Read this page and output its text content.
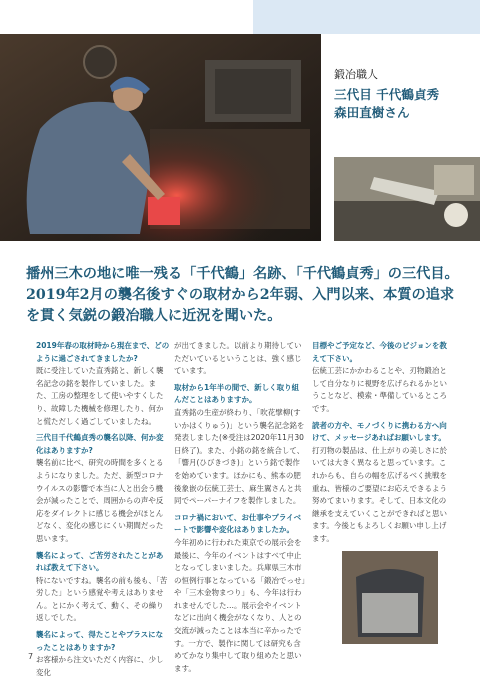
鍛冶職人

三代目 千代鶴貞秀
森田直樹さん
播州三木の地に唯一残る「千代鶴」名跡、「千代鶴貞秀」の三代目。2019年2月の襲名後すぐの取材から2年弱、入門以来、本質の追求を貫く気鋭の鍛冶職人に近況を聞いた。

2019年春の取材時から現在まで、どのように過ごされてきましたか?

既に受注していた直秀銘と、新しく襲名記念の銘を製作していました。また、工房の整理をして使いやすくしたり、故障した機械を修理したり、何かと慌ただしく過ごしていましたね。

三代目千代鶴貞秀の襲名以降、何か変化はありますか?

襲名前に比べ、研究の時間を多くとるようになりました。ただ、新型コロナウイルスの影響で本当に人と出会う機会が減ったことで、周囲からの声や反応をダイレクトに感じる機会がほとんどなく、変化の感じにくい期間だった思います。

襲名によって、ご苦労されたことがあれば教えて下さい。

特にないですね。襲名の前も後も、「苦労した」という感覚や考えはありません。とにかく考えて、動く、その繰り返しでした。

襲名によって、得たことやプラスになったことはありますか?

お客様から注文いただく内容に、少し変化

が出てきました。以前より期待していただいているということは、強く感じています。

取材から1年半の間で、新しく取り組んだことはありますか。

直秀銘の生産が終わり、「吹花擘柳(すいかはくりゅう)」という襲名記念銘を発表しました(※受注は2020年11月30日終了)。また、小銘の銘を統合して、「響月(ひびきづき)」という銘で製作を始めています。ほかにも、熊本の肥後象嵌の伝統工芸士、麻生翼さんと共同でペーパーナイフを製作しました。

コロナ禍において、お仕事やプライベートで影響や変化はありましたか。

今年初めに行われた東京での展示会を最後に、今年のイベントはすべて中止となってしまいました。兵庫県三木市の恒例行事となっている「鍛冶でっせ」や「三木金物まつり」も、今年は行われませんでした…。展示会やイベントなどに出向く機会がなくなり、人との交流が減ったことは本当に辛かったです。一方で、製作に関しては研究も含めてかなり集中して取り組めたと思います。

目標やご予定など、今後のビジョンを教えて下さい。

伝統工芸にかかわることや、刃物鍛冶として自分なりに視野を広げられるかということなど、模索・準備しているところです。

読者の方や、モノづくりに携わる方へ向けて、メッセージあればお願いします。

打刃物の製品は、仕上がりの美しさに於いては大きく異なると思っています。これからも、自らの幅を広げるべく挑戦を重ね、皆様のご要望にお応えできるよう努めてまいります。そして、日本文化の継承を支えていくことができればと思います。今後ともよろしくお願い申し上げます。

7
